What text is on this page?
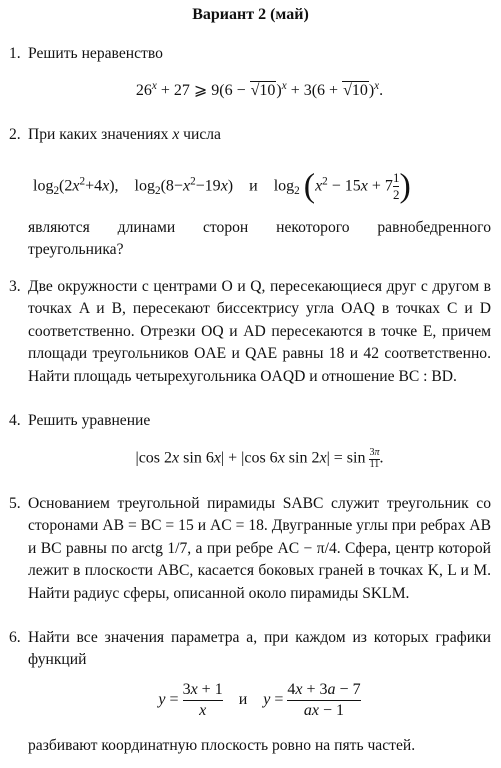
Вариант 2 (май)
1. Решить неравенство
$26^x + 27$ ⩾ $9(6 - √10)^x + 3(6 + √10)^x$.
2. При каких значениях x числа
$\log_2(2x^2+4x)$,    $\log_2(8-x^2-19x)$    и    $\log_2 (x^2 - 15x + 7 \frac{1}{2}$ )
являются длинами сторон некоторого равнобедренного треугольника?
3. Две окружности с центрами O и Q, пересекающиеся друг с другом в точках A и B, пересекают биссектрису угла OAQ в точках C и D соответственно. Отрезки OQ и AD пересекаются в точке E, причем площади треугольников OAE и QAE равны 18 и 42 соответственно. Найти площадь четырехугольника OAQD и отношение BC : BD.
4. Решить уравнение
|cos 2x sin 6x| + |cos 6x $\sin 2x| = \sin \frac{3\pi}{11}$ .
5. Основанием треугольной пирамиды SABC служит треугольник со сторонами AB = BC = 15 и AC = 18. Двугранные углы при ребрах AB и BC равны по arctg 1/7, а при ребре AC − π/4. Сфера, центр которой лежит в плоскости ABC, касается боковых граней в точках K, L и M. Найти радиус сферы, описанной около пирамиды SKLM.
6. Найти все значения параметра a, при каждом из которых графики функций
$y = \frac{3x + 1}{x}$ и    $y = \frac{4x + 3a - 7}{ax - 1}$
разбивают координатную плоскость ровно на пять частей.
